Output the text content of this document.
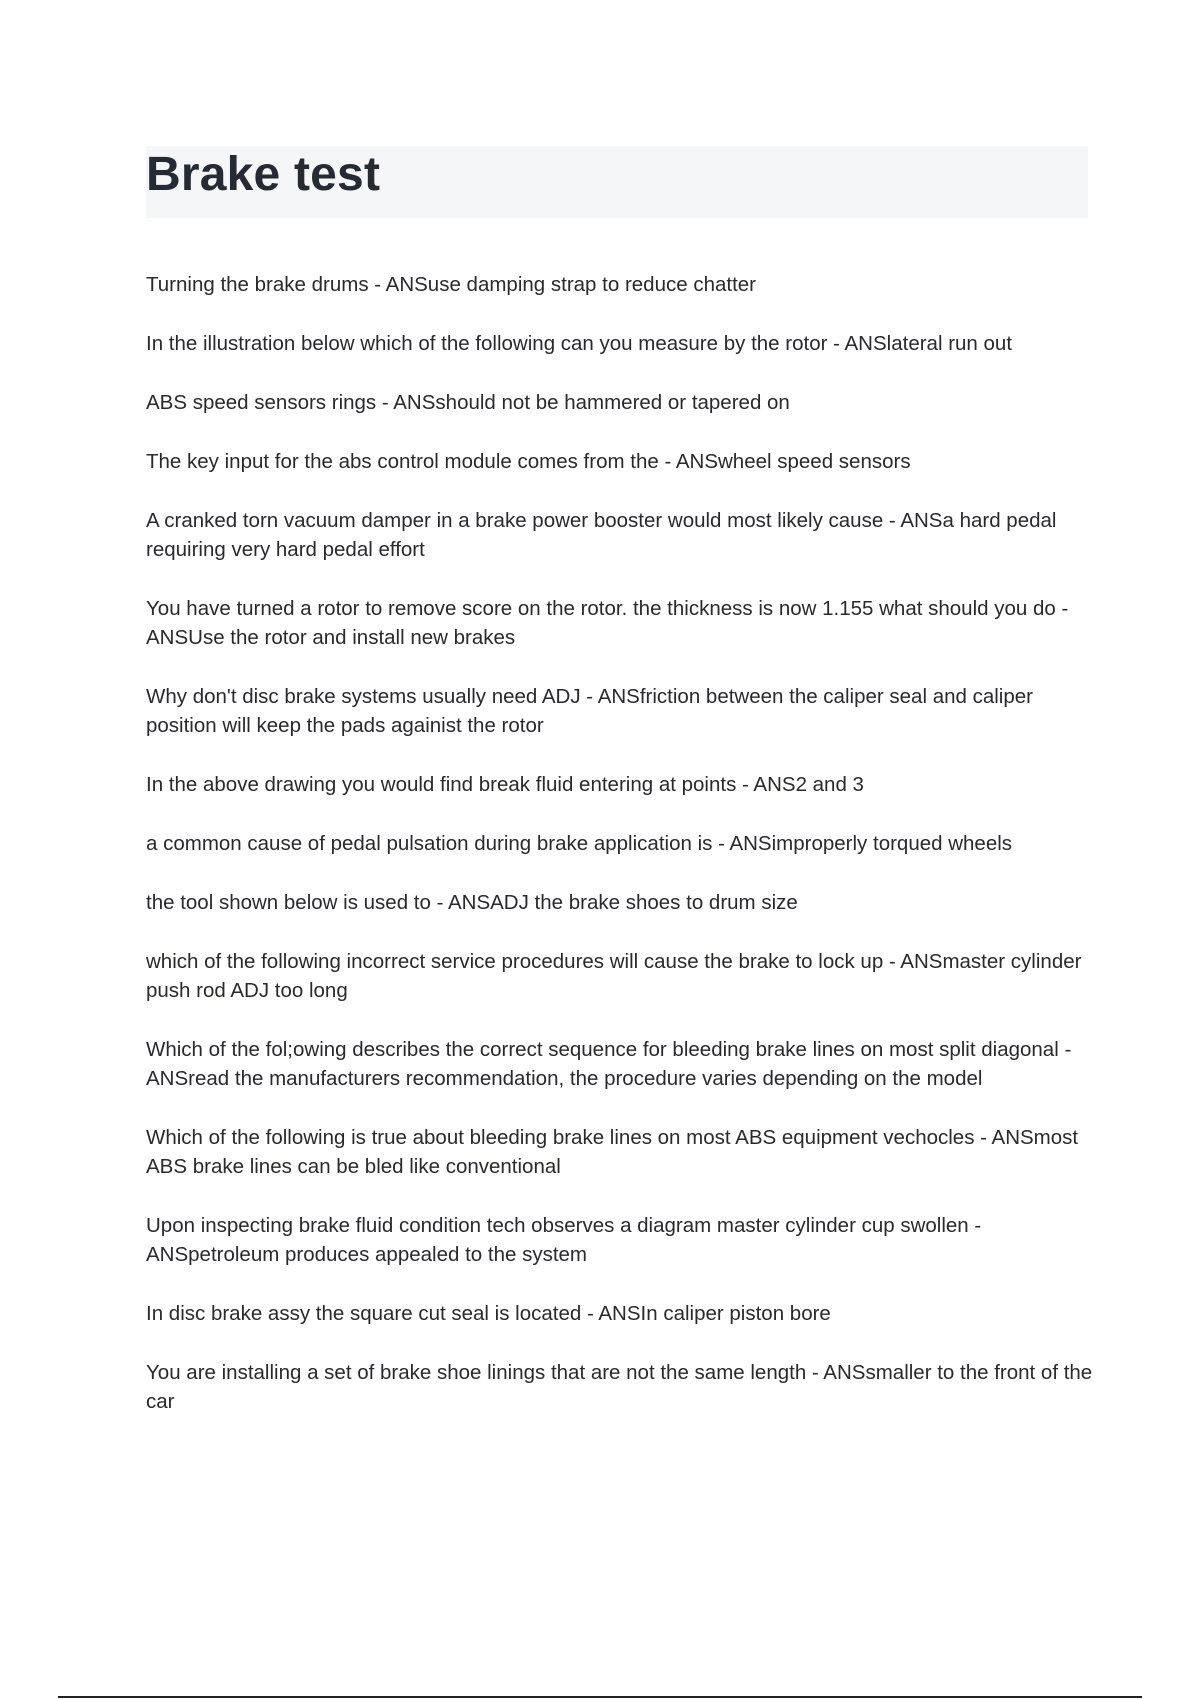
Brake test
Turning the brake drums - ANSuse damping strap to reduce chatter
In the illustration below which of the following can you measure by the rotor - ANSlateral run out
ABS speed sensors rings - ANSshould not be hammered or tapered on
The key input for the abs control module comes from the - ANSwheel speed sensors
A cranked torn vacuum damper in a brake power booster would most likely cause - ANSa hard pedal requiring very hard pedal effort
You have turned a rotor to remove score on the rotor. the thickness is now 1.155 what should you do - ANSUse the rotor and install new brakes
Why don't disc brake systems usually need ADJ - ANSfriction between the caliper seal and caliper position will keep the pads againist the rotor
In the above drawing you would find break fluid entering at points - ANS2 and 3
a common cause of pedal pulsation during brake application is - ANSimproperly torqued wheels
the tool shown below is used to - ANSADJ the brake shoes to drum size
which of the following incorrect service procedures will cause the brake to lock up - ANSmaster cylinder push rod ADJ too long
Which of the fol;owing describes the correct sequence for bleeding brake lines on most split diagonal - ANSread the manufacturers recommendation, the procedure varies depending on the model
Which of the following is true about bleeding brake lines on most ABS equipment vechocles - ANSmost ABS brake lines can be bled like conventional
Upon inspecting brake fluid condition tech observes a diagram master cylinder cup swollen - ANSpetroleum produces appealed to the system
In disc brake assy the square cut seal is located - ANSIn caliper piston bore
You are installing a set of brake shoe linings that are not the same length - ANSsmaller to the front of the car
